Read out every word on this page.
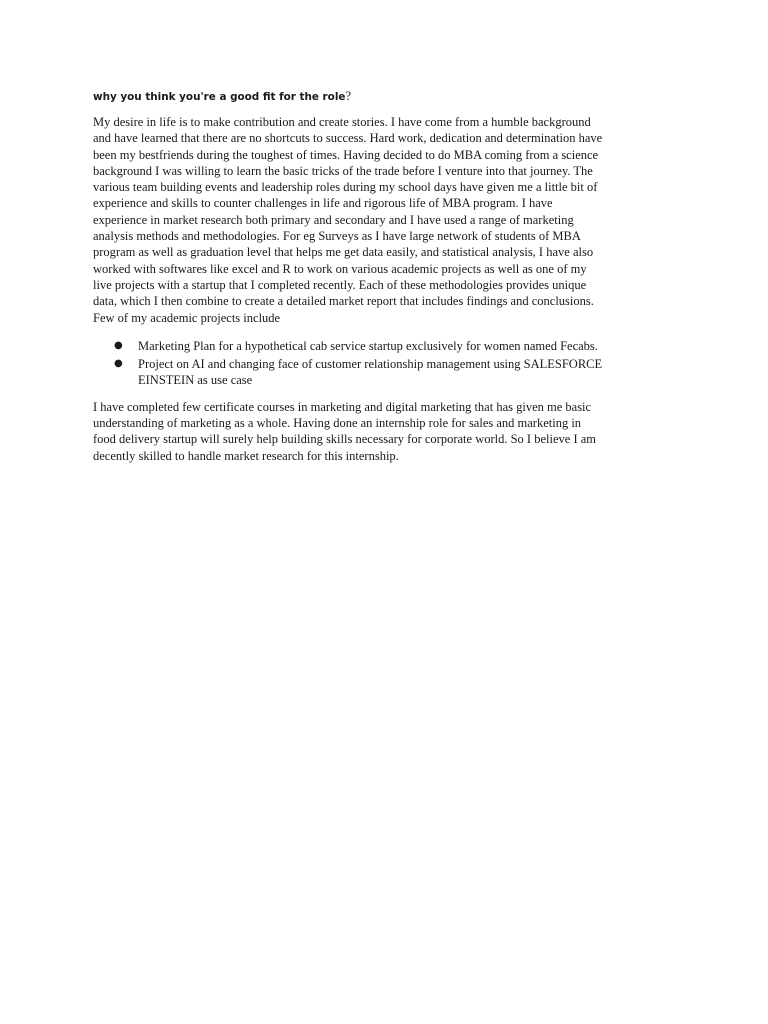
why you think you're a good fit for the role?

My desire in life is to make contribution and create stories. I have come from a humble background
and have learned that there are no shortcuts to success. Hard work, dedication and determination have
been my bestfriends during the toughest of times. Having decided to do MBA coming from a science
background I was willing to learn the basic tricks of the trade before I venture into that journey. The
various team building events and leadership roles during my school days have given me a little bit of
experience and skills to counter challenges in life and rigorous life of MBA program. I have
experience in market research both primary and secondary and I have used a range of marketing
analysis methods and methodologies. For eg Surveys as I have large network of students of MBA
program as well as graduation level that helps me get data easily, and statistical analysis, I have also
worked with softwares like excel and R to work on various academic projects as well as one of my
live projects with a startup that I completed recently. Each of these methodologies provides unique
data, which I then combine to create a detailed market report that includes findings and conclusions.
Few of my academic projects include

● Marketing Plan for a hypothetical cab service startup exclusively for women named Fecabs.
● Project on AI and changing face of customer relationship management using SALESFORCE
EINSTEIN as use case

I have completed few certificate courses in marketing and digital marketing that has given me basic
understanding of marketing as a whole. Having done an internship role for sales and marketing in
food delivery startup will surely help building skills necessary for corporate world. So I believe I am
decently skilled to handle market research for this internship.
